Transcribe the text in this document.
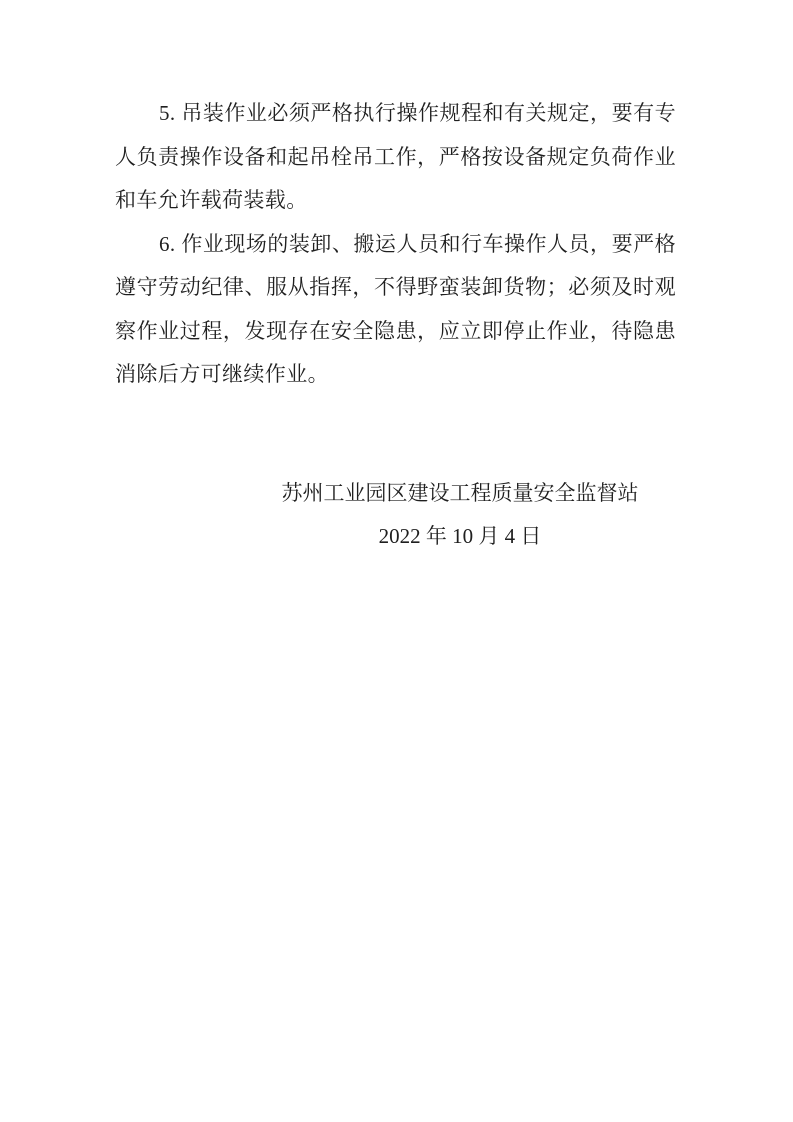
5. 吊装作业必须严格执行操作规程和有关规定，要有专人负责操作设备和起吊栓吊工作，严格按设备规定负荷作业和车允许载荷装载。

6. 作业现场的装卸、搬运人员和行车操作人员，要严格遵守劳动纪律、服从指挥，不得野蛮装卸货物；必须及时观察作业过程，发现存在安全隐患，应立即停止作业，待隐患消除后方可继续作业。

苏州工业园区建设工程质量安全监督站
2022 年 10 月 4 日
